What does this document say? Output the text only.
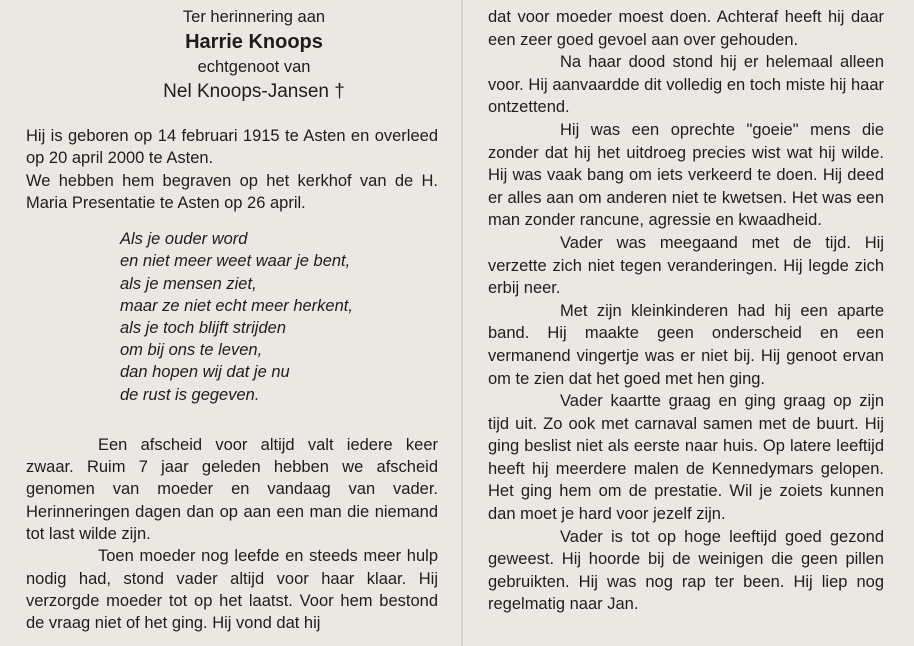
Ter herinnering aan
Harrie Knoops
echtgenoot van
Nel Knoops-Jansen †

Hij is geboren op 14 februari 1915 te Asten en overleed op 20 april 2000 te Asten.

We hebben hem begraven op het kerkhof van de H. Maria Presentatie te Asten op 26 april.

Als je ouder word
en niet meer weet waar je bent,
als je mensen ziet,
maar ze niet echt meer herkent,
als je toch blijft strijden
om bij ons te leven,
dan hopen wij dat je nu
de rust is gegeven.

Een afscheid voor altijd valt iedere keer zwaar. Ruim 7 jaar geleden hebben we afscheid genomen van moeder en vandaag van vader. Herinneringen dagen dan op aan een man die niemand tot last wilde zijn.

Toen moeder nog leefde en steeds meer hulp nodig had, stond vader altijd voor haar klaar. Hij verzorgde moeder tot op het laatst. Voor hem bestond de vraag niet of het ging. Hij vond dat hij

dat voor moeder moest doen. Achteraf heeft hij daar een zeer goed gevoel aan over gehouden.

Na haar dood stond hij er helemaal alleen voor. Hij aanvaardde dit volledig en toch miste hij haar ontzettend.

Hij was een oprechte "goeie" mens die zonder dat hij het uitdroeg precies wist wat hij wilde. Hij was vaak bang om iets verkeerd te doen. Hij deed er alles aan om anderen niet te kwetsen. Het was een man zonder rancune, agressie en kwaadheid.

Vader was meegaand met de tijd. Hij verzette zich niet tegen veranderingen. Hij legde zich erbij neer.

Met zijn kleinkinderen had hij een aparte band. Hij maakte geen onderscheid en een vermanend vingertje was er niet bij. Hij genoot ervan om te zien dat het goed met hen ging.

Vader kaartte graag en ging graag op zijn tijd uit. Zo ook met carnaval samen met de buurt. Hij ging beslist niet als eerste naar huis. Op latere leeftijd heeft hij meerdere malen de Kennedymars gelopen. Het ging hem om de prestatie. Wil je zoiets kunnen dan moet je hard voor jezelf zijn.

Vader is tot op hoge leeftijd goed gezond geweest. Hij hoorde bij de weinigen die geen pillen gebruikten. Hij was nog rap ter been. Hij liep nog regelmatig naar Jan.
